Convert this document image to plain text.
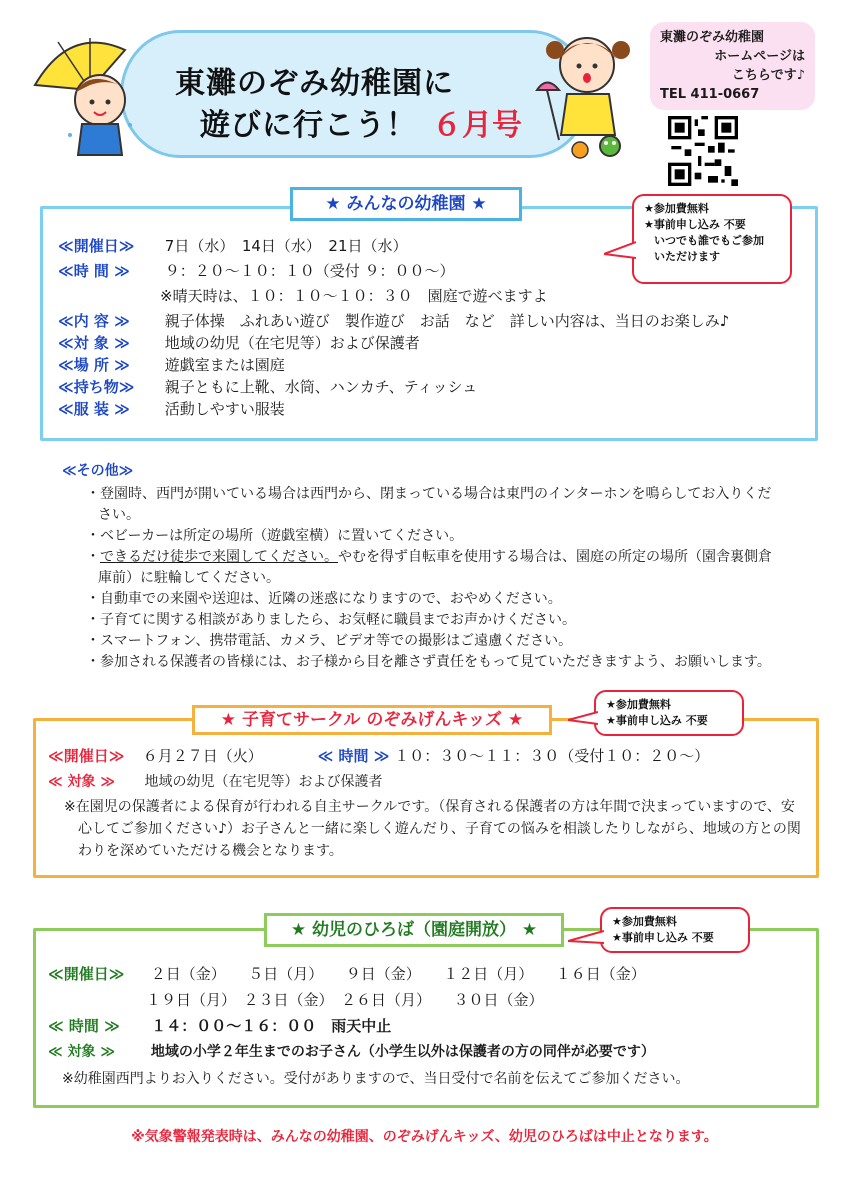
東灘のぞみ幼稚園に
遊びに行こう！ ６月号
東灘のぞみ幼稚園
ホームページは
こちらです♪
TEL 411-0667
★ みんなの幼稚園 ★	★参加費無料
★事前申し込み 不要
いつでも誰でもご参加
いただけます
≪開催日≫ 7日（水）　14日（水）　21日（水）
≪時 間 ≫ ９：２０～１０：１０（受付 ９：００～）
※晴天時は、１０：１０～１０：３０　園庭で遊べますよ
≪内 容 ≫ 親子体操　ふれあい遊び　製作遊び　お話　など　詳しい内容は、当日のお楽しみ♪
≪対 象 ≫ 地域の幼児（在宅児等）および保護者
≪場 所 ≫ 遊戯室または園庭
≪持ち物≫ 親子ともに上靴、水筒、ハンカチ、ティッシュ
≪服 装 ≫ 活動しやすい服装
≪その他≫
・ 登園時、西門が開いている場合は西門から、閉まっている場合は東門のインターホンを鳴らしてお入りください。
・ ベビーカーは所定の場所（遊戯室横）に置いてください。
・ できるだけ徒歩で来園してください。やむを得ず自転車を使用する場合は、園庭の所定の場所（園舎裏側倉庫前）に駐輪してください。
・ 自動車での来園や送迎は、近隣の迷惑になりますので、おやめください。
・ 子育てに関する相談がありましたら、お気軽に職員までお声かけください。
・ スマートフォン、携帯電話、カメラ、ビデオ等での撮影はご遠慮ください。
・ 参加される保護者の皆様には、お子様から目を離さず責任をもって見ていただきますよう、お願いします。
★ 子育てサークル のぞみげんキッズ ★
★参加費無料
★事前申し込み 不要
≪開催日≫ ６月２７日（火）	≪ 時間 ≫ １０：３０～１１：３０（受付１０：２０～）
≪ 対象 ≫ 地域の幼児（在宅児等）および保護者
※在園児の保護者による保育が行われる自主サークルです。（保育される保護者の方は年間で決まっていますので、安心してご参加ください♪）お子さんと一緒に楽しく遊んだり、子育ての悩みを相談したりしながら、地域の方との関わりを深めていただける機会となります。
★ 幼児のひろば（園庭開放） ★	★参加費無料
★事前申し込み 不要
≪開催日≫ ２日（金）　　５日（月）　　９日（金）　　１２日（月）　　１６日（金）
１９日（月）　２３日（金）　２６日（月）　　３０日（金）
≪ 時間 ≫ １４：００～１６：００　雨天中止
≪ 対象 ≫	地域の小学２年生までのお子さん（小学生以外は保護者の方の同伴が必要です）
※幼稚園西門よりお入りください。受付がありますので、当日受付で名前を伝えてご参加ください。
※気象警報発表時は、みんなの幼稚園、のぞみげんキッズ、幼児のひろばは中止となります。
